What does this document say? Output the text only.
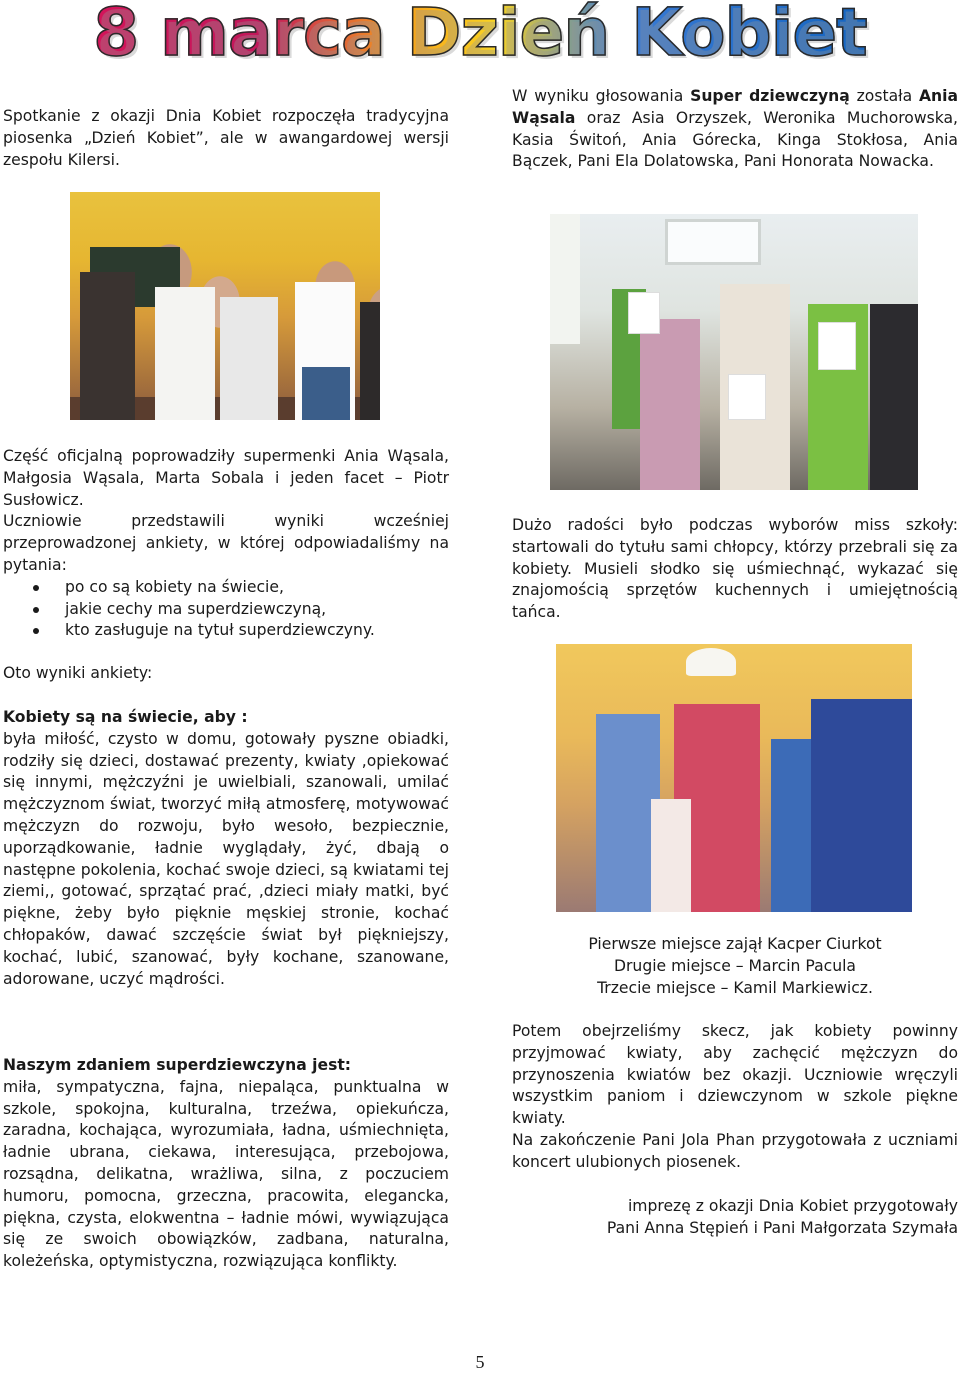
8 marca Dzień Kobiet

Spotkanie z okazji Dnia Kobiet rozpoczęła tradycyjna piosenka „Dzień Kobiet”, ale w awangardowej wersji zespołu Kilersi.

W wyniku głosowania Super dziewczyną została Ania Wąsala oraz Asia Orzyszek, Weronika Muchorowska, Kasia Świtoń, Ania Górecka, Kinga Stokłosa, Ania Bączek, Pani Ela Dolatowska, Pani Honorata Nowacka.

Część oficjalną poprowadziły supermenki Ania Wąsala, Małgosia Wąsala, Marta Sobala i jeden facet – Piotr Susłowicz.

Uczniowie przedstawili wyniki wcześniej przeprowadzonej ankiety, w której odpowiadaliśmy na pytania:

po co są kobiety na świecie,
jakie cechy ma superdziewczyną,
kto zasługuje na tytuł superdziewczyny.

Oto wyniki ankiety:

Kobiety są na świecie, aby :

była miłość, czysto w domu, gotowały pyszne obiadki, rodziły się dzieci, dostawać prezenty, kwiaty ,opiekować się innymi, mężczyźni je uwielbiali, szanowali, umilać mężczyznom świat, tworzyć miłą atmosferę, motywować mężczyzn do rozwoju, było wesoło, bezpiecznie, uporządkowanie, ładnie wyglądały, żyć, dbają o następne pokolenia, kochać swoje dzieci, są kwiatami tej ziemi,, gotować, sprzątać prać, ,dzieci miały matki, być piękne, żeby było pięknie męskiej stronie, kochać chłopaków, dawać szczęście świat był piękniejszy, kochać, lubić, szanować, były kochane, szanowane, adorowane, uczyć mądrości.

Naszym zdaniem superdziewczyna jest:

miła, sympatyczna, fajna, niepaląca, punktualna w szkole, spokojna, kulturalna, trzeźwa, opiekuńcza, zaradna, kochająca, wyrozumiała, ładna, uśmiechnięta, ładnie ubrana, ciekawa, interesująca, przebojowa, rozsądna, delikatna, wrażliwa, silna, z poczuciem humoru, pomocna, grzeczna, pracowita, elegancka, piękna, czysta, elokwentna – ładnie mówi, wywiązująca się ze swoich obowiązków, zadbana, naturalna, koleżeńska, optymistyczna, rozwiązująca konflikty.

Dużo radości było podczas wyborów miss szkoły: startowali do tytułu sami chłopcy, którzy przebrali się za kobiety. Musieli słodko się uśmiechnąć, wykazać się znajomością sprzętów kuchennych i umiejętnością tańca.

Pierwsze miejsce zajął Kacper Ciurkot

Drugie miejsce – Marcin Pacula

Trzecie miejsce – Kamil Markiewicz.

Potem obejrzeliśmy skecz, jak kobiety powinny przyjmować kwiaty, aby zachęcić mężczyzn do przynoszenia kwiatów bez okazji. Uczniowie wręczyli wszystkim paniom i dziewczynom w szkole piękne kwiaty.

Na zakończenie Pani Jola Phan przygotowała z uczniami koncert ulubionych piosenek.

imprezę z okazji Dnia Kobiet przygotowały

Pani Anna Stępień i Pani Małgorzata Szymała

5
